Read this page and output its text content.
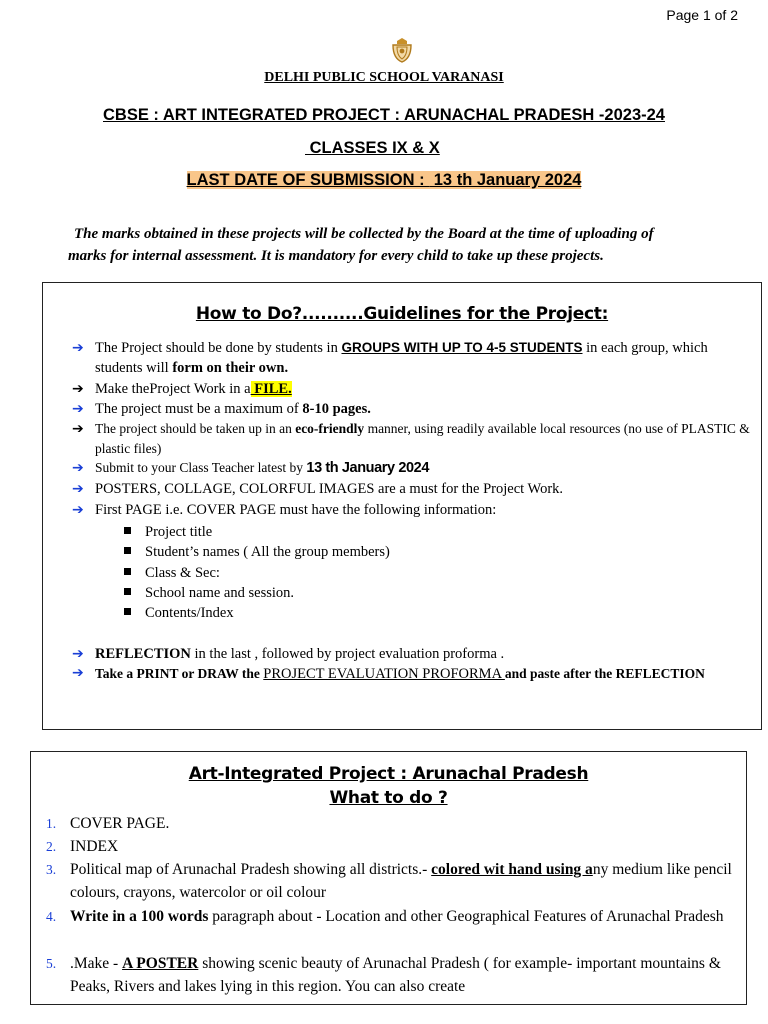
Page 1 of 2
DELHI PUBLIC SCHOOL VARANASI
CBSE : ART INTEGRATED PROJECT : ARUNACHAL PRADESH -2023-24
CLASSES IX & X
LAST DATE OF SUBMISSION :  13 th January 2024
The marks obtained in these projects will be collected by the Board at the time of uploading of
marks for internal assessment. It is mandatory for every child to take up these projects.
How to Do?..........Guidelines for the Project:
➔ The Project should be done by students in GROUPS WITH UP TO 4-5 STUDENTS in each group, which students will form on their own.
➔ Make theProject Work in a FILE.
➔ The project must be a maximum of 8-10 pages.
➔ The project should be taken up in an eco-friendly manner, using readily available local resources (no use of PLASTIC & plastic files)
➔ Submit to your Class Teacher latest by 13 th January 2024
➔ POSTERS, COLLAGE, COLORFUL IMAGES are a must for the Project Work.
➔ First PAGE i.e. COVER PAGE must have the following information:
Project title
Student’s names ( All the group members)
Class & Sec:
School name and session.
Contents/Index
➔ REFLECTION in the last , followed by project evaluation proforma .
➔ Take a PRINT or DRAW the PROJECT EVALUATION PROFORMA and paste after the REFLECTION
Art-Integrated Project : Arunachal Pradesh
What to do ?
1. COVER PAGE.
2. INDEX
3. Political map of Arunachal Pradesh showing all districts.- colored wit hand using any medium like pencil colours, crayons, watercolor or oil colour
4. Write in a 100 words paragraph about - Location and other Geographical Features of Arunachal Pradesh
5. .Make - A POSTER showing scenic beauty of Arunachal Pradesh ( for example- important mountains & Peaks, Rivers and lakes lying in this region. You can also create
